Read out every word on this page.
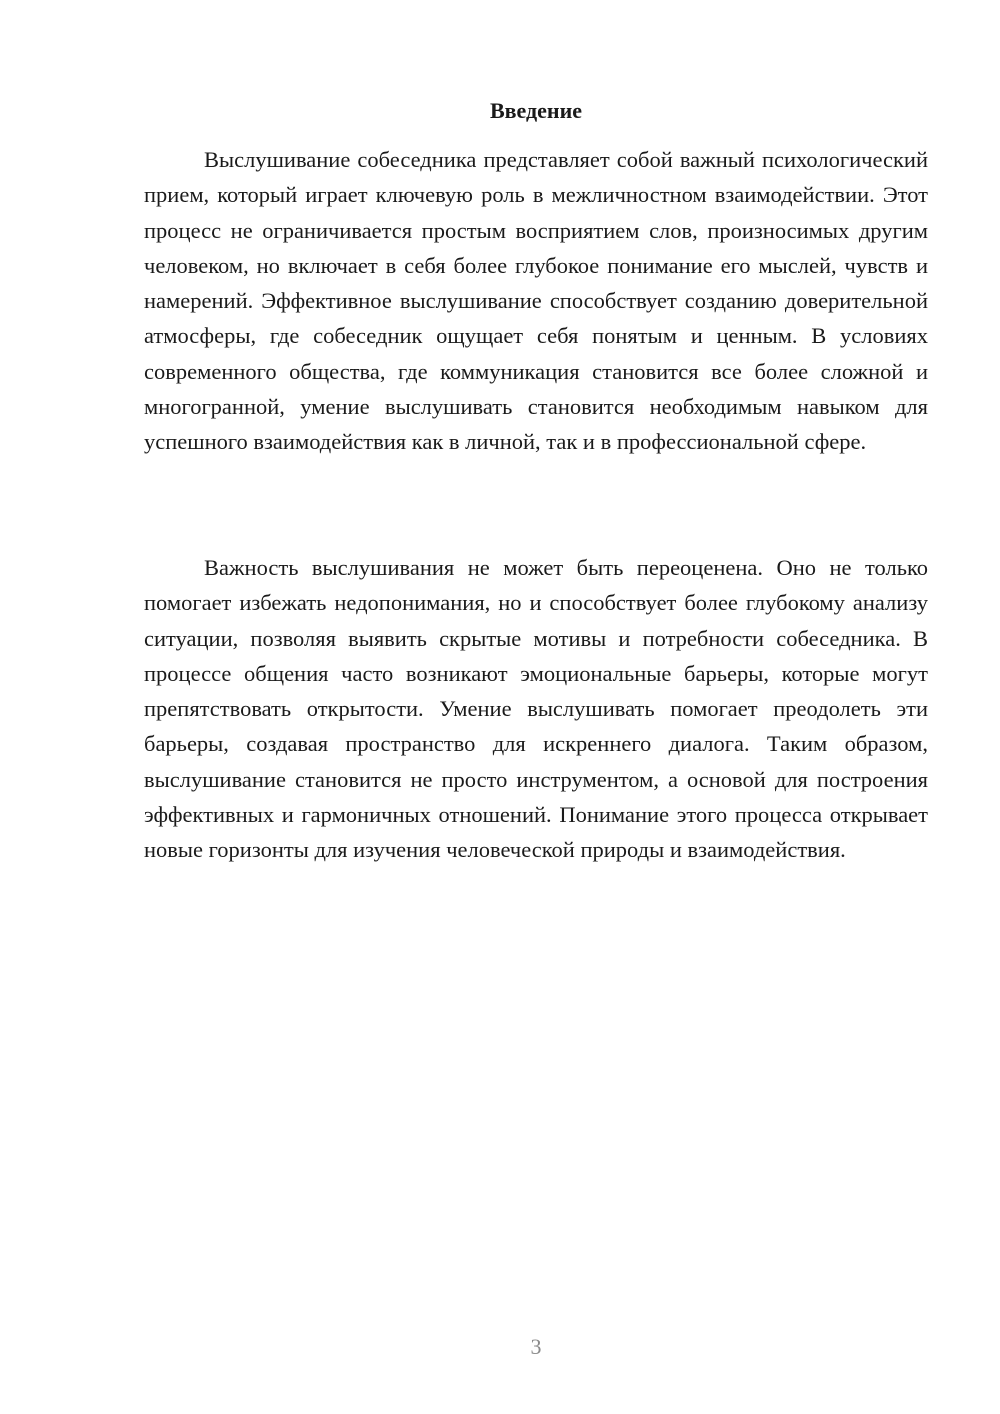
Введение

Выслушивание собеседника представляет собой важный психологический прием, который играет ключевую роль в межличностном взаимодействии. Этот процесс не ограничивается простым восприятием слов, произносимых другим человеком, но включает в себя более глубокое понимание его мыслей, чувств и намерений. Эффективное выслушивание способствует созданию доверительной атмосферы, где собеседник ощущает себя понятым и ценным. В условиях современного общества, где коммуникация становится все более сложной и многогранной, умение выслушивать становится необходимым навыком для успешного взаимодействия как в личной, так и в профессиональной сфере.

Важность выслушивания не может быть переоценена. Оно не только помогает избежать недопонимания, но и способствует более глубокому анализу ситуации, позволяя выявить скрытые мотивы и потребности собеседника. В процессе общения часто возникают эмоциональные барьеры, которые могут препятствовать открытости. Умение выслушивать помогает преодолеть эти барьеры, создавая пространство для искреннего диалога. Таким образом, выслушивание становится не просто инструментом, а основой для построения эффективных и гармоничных отношений. Понимание этого процесса открывает новые горизонты для изучения человеческой природы и взаимодействия.

3
